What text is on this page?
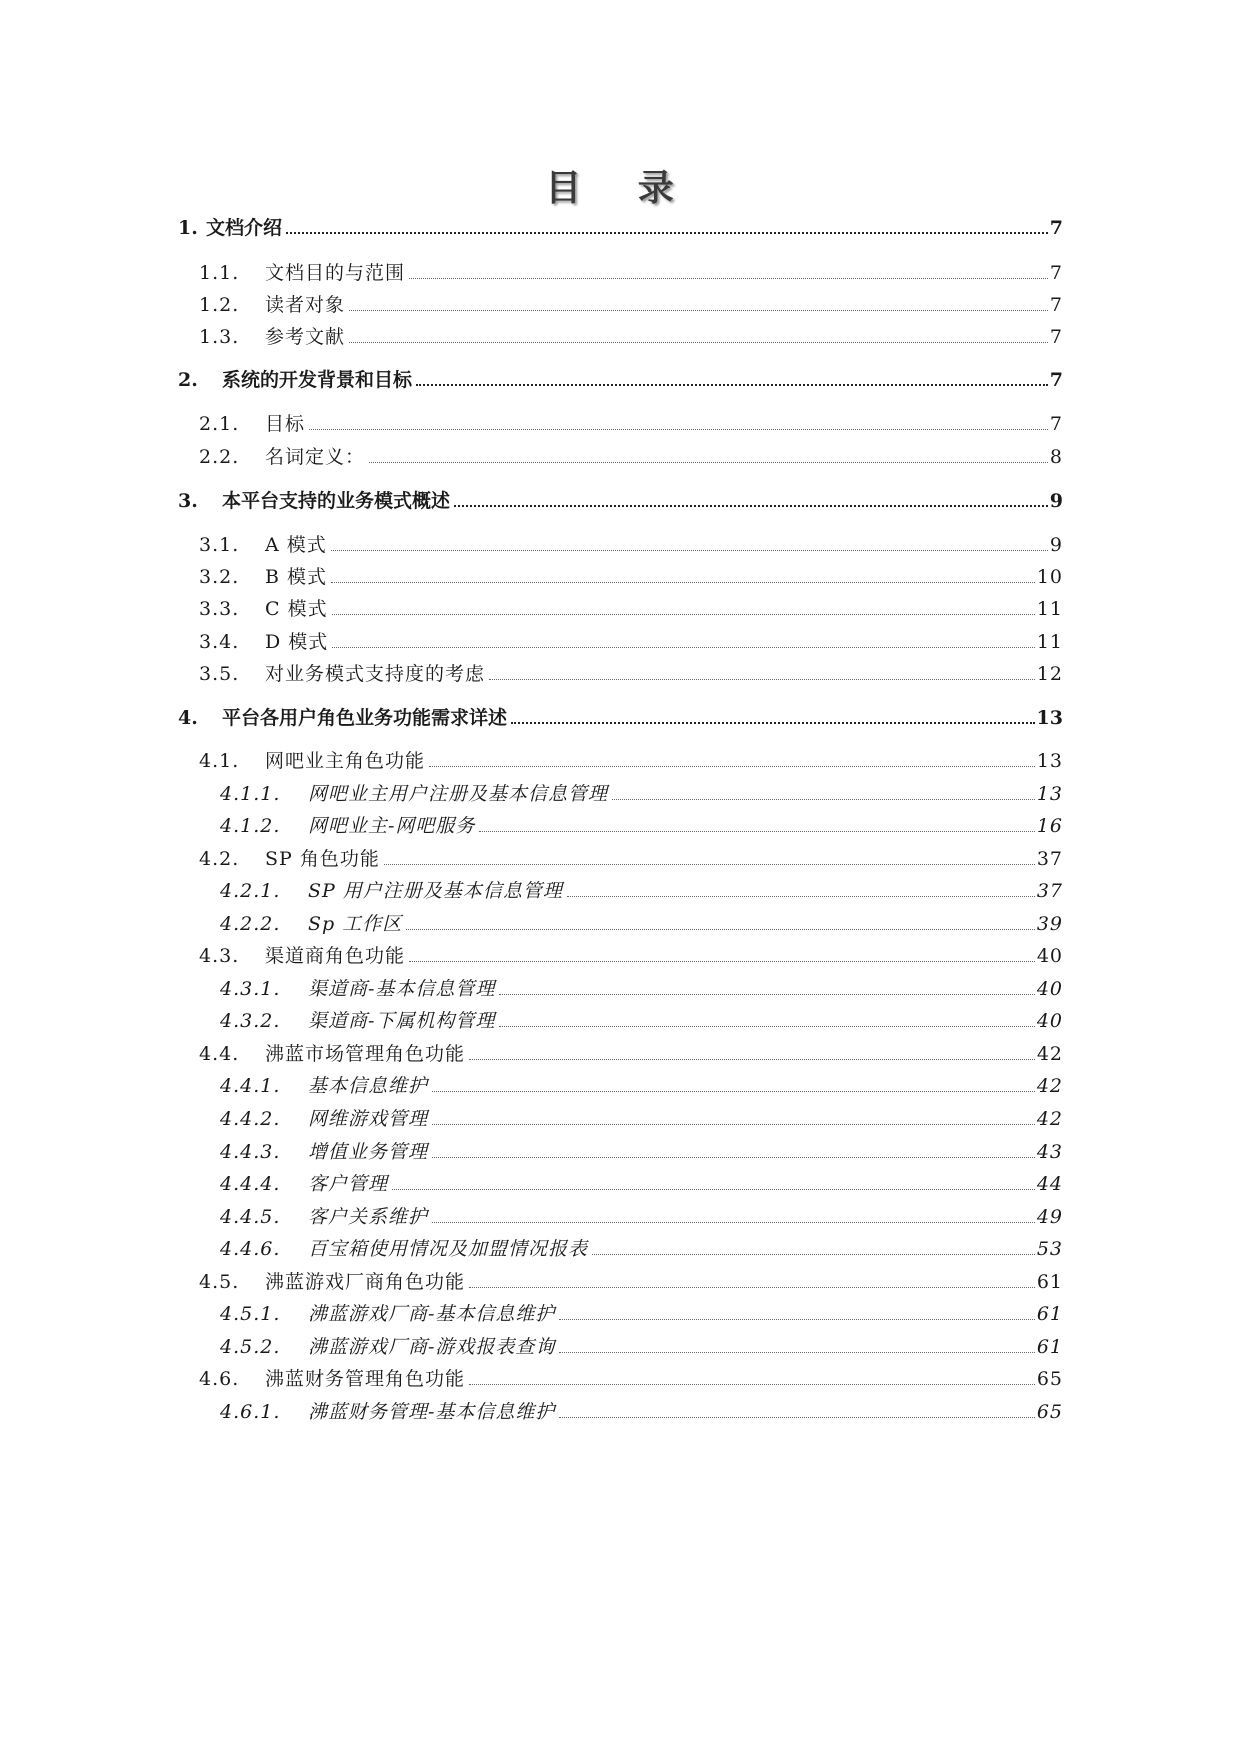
目 录
1. 文档介绍	7
1.1.	文档目的与范围	7
1.2.	读者对象	7
1.3.	参考文献	7
2.	系统的开发背景和目标	7
2.1.	目标	7
2.2.	名词定义：	8
3.	本平台支持的业务模式概述	9
3.1.	A 模式	9
3.2.	B 模式	10
3.3.	C 模式	11
3.4.	D 模式	11
3.5.	对业务模式支持度的考虑	12
4.	平台各用户角色业务功能需求详述	13
4.1.	网吧业主角色功能	13
4.1.1.	网吧业主用户注册及基本信息管理	13
4.1.2.	网吧业主-网吧服务	16
4.2.	SP 角色功能	37
4.2.1.	SP 用户注册及基本信息管理	37
4.2.2.	Sp 工作区	39
4.3.	渠道商角色功能	40
4.3.1.	渠道商-基本信息管理	40
4.3.2.	渠道商-下属机构管理	40
4.4.	沸蓝市场管理角色功能	42
4.4.1.	基本信息维护	42
4.4.2.	网维游戏管理	42
4.4.3.	增值业务管理	43
4.4.4.	客户管理	44
4.4.5.	客户关系维护	49
4.4.6.	百宝箱使用情况及加盟情况报表	53
4.5.	沸蓝游戏厂商角色功能	61
4.5.1.	沸蓝游戏厂商-基本信息维护	61
4.5.2.	沸蓝游戏厂商-游戏报表查询	61
4.6.	沸蓝财务管理角色功能	65
4.6.1.	沸蓝财务管理-基本信息维护	65
